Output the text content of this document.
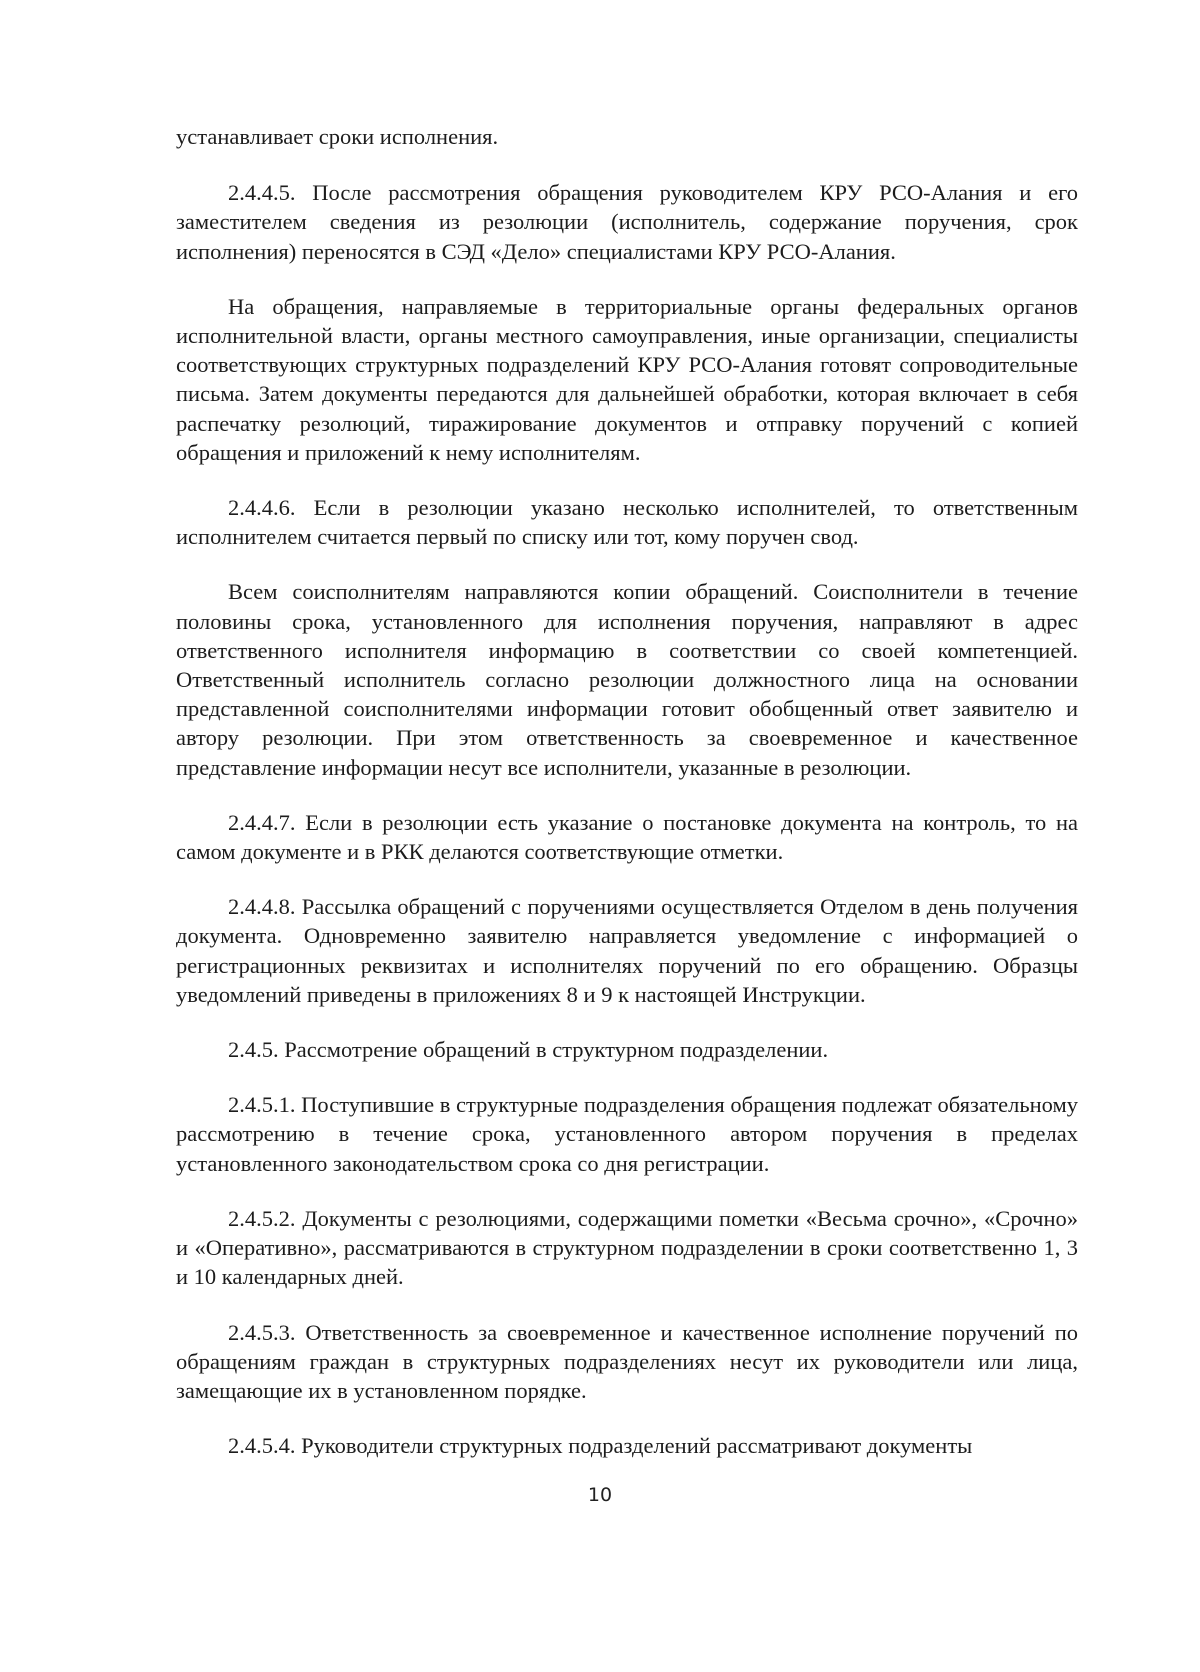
устанавливает сроки исполнения.

2.4.4.5. После рассмотрения обращения руководителем КРУ РСО-Алания и его заместителем сведения из резолюции (исполнитель, содержание поручения, срок исполнения) переносятся в СЭД «Дело» специалистами КРУ РСО-Алания.

На обращения, направляемые в территориальные органы федеральных органов исполнительной власти, органы местного самоуправления, иные организации, специалисты соответствующих структурных подразделений КРУ РСО-Алания готовят сопроводительные письма. Затем документы передаются для дальнейшей обработки, которая включает в себя распечатку резолюций, тиражирование документов и отправку поручений с копией обращения и приложений к нему исполнителям.

2.4.4.6. Если в резолюции указано несколько исполнителей, то ответственным исполнителем считается первый по списку или тот, кому поручен свод.

Всем соисполнителям направляются копии обращений. Соисполнители в течение половины срока, установленного для исполнения поручения, направляют в адрес ответственного исполнителя информацию в соответствии со своей компетенцией. Ответственный исполнитель согласно резолюции должностного лица на основании представленной соисполнителями информации готовит обобщенный ответ заявителю и автору резолюции. При этом ответственность за своевременное и качественное представление информации несут все исполнители, указанные в резолюции.

2.4.4.7. Если в резолюции есть указание о постановке документа на контроль, то на самом документе и в РКК делаются соответствующие отметки.

2.4.4.8. Рассылка обращений с поручениями осуществляется Отделом в день получения документа. Одновременно заявителю направляется уведомление с информацией о регистрационных реквизитах и исполнителях поручений по его обращению. Образцы уведомлений приведены в приложениях 8 и 9 к настоящей Инструкции.

2.4.5. Рассмотрение обращений в структурном подразделении.

2.4.5.1. Поступившие в структурные подразделения обращения подлежат обязательному рассмотрению в течение срока, установленного автором поручения в пределах установленного законодательством срока со дня регистрации.

2.4.5.2. Документы с резолюциями, содержащими пометки «Весьма срочно», «Срочно» и «Оперативно», рассматриваются в структурном подразделении в сроки соответственно 1, 3 и 10 календарных дней.

2.4.5.3. Ответственность за своевременное и качественное исполнение поручений по обращениям граждан в структурных подразделениях несут их руководители или лица, замещающие их в установленном порядке.

2.4.5.4. Руководители структурных подразделений рассматривают документы

10
